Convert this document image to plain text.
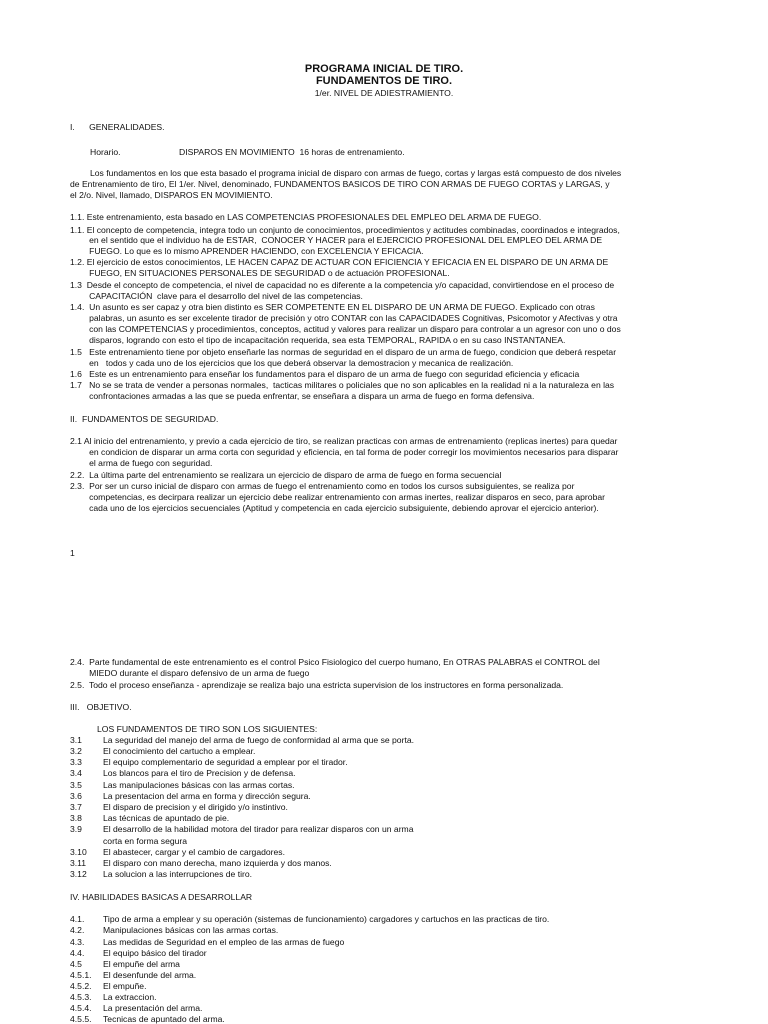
PROGRAMA INICIAL DE TIRO.
FUNDAMENTOS DE TIRO.
1/er. NIVEL DE ADIESTRAMIENTO.
I.      GENERALIDADES.
Horario.	DISPAROS EN MOVIMIENTO  16 horas de entrenamiento.
Los fundamentos en los que esta basado el programa inicial de disparo con armas de fuego, cortas y largas está compuesto de dos niveles
de Entrenamiento de tiro, El 1/er. Nivel, denominado, FUNDAMENTOS BASICOS DE TIRO CON ARMAS DE FUEGO CORTAS y LARGAS, y
el 2/o. Nivel, llamado, DISPAROS EN MOVIMIENTO.
1.1. Este entrenamiento, esta basado en LAS COMPETENCIAS PROFESIONALES DEL EMPLEO DEL ARMA DE FUEGO.
1.1. El concepto de competencia, integra todo un conjunto de conocimientos, procedimientos y actitudes combinadas, coordinados e integrados,
en el sentido que el individuo ha de ESTAR,  CONOCER Y HACER para el EJERCICIO PROFESIONAL DEL EMPLEO DEL ARMA DE
FUEGO. Lo que es lo mismo APRENDER HACIENDO, con EXCELENCIA Y EFICACIA.
1.2. El ejercicio de estos conocimientos, LE HACEN CAPAZ DE ACTUAR CON EFICIENCIA Y EFICACIA EN EL DISPARO DE UN ARMA DE
FUEGO, EN SITUACIONES PERSONALES DE SEGURIDAD o de actuación PROFESIONAL.
1.3  Desde el concepto de competencia, el nivel de capacidad no es diferente a la competencia y/o capacidad, convirtiendose en el proceso de
CAPACITACIÓN  clave para el desarrollo del nivel de las competencias.
1.4.  Un asunto es ser capaz y otra bien distinto es SER COMPETENTE EN EL DISPARO DE UN ARMA DE FUEGO. Explicado con otras
palabras, un asunto es ser excelente tirador de precisión y otro CONTAR con las CAPACIDADES Cognitivas, Psicomotor y Afectivas y otra
con las COMPETENCIAS y procedimientos, conceptos, actitud y valores para realizar un disparo para controlar a un agresor con uno o dos
disparos, logrando con esto el tipo de incapacitación requerida, sea esta TEMPORAL, RAPIDA o en su caso INSTANTANEA.
1.5   Este entrenamiento tiene por objeto enseñarle las normas de seguridad en el disparo de un arma de fuego, condicion que deberá respetar
en   todos y cada uno de los ejercicios que los que deberá observar la demostracion y mecanica de realización.
1.6   Este es un entrenamiento para enseñar los fundamentos para el disparo de un arma de fuego con seguridad eficiencia y eficacia
1.7   No se se trata de vender a personas normales,  tacticas militares o policiales que no son aplicables en la realidad ni a la naturaleza en las
confrontaciones armadas a las que se pueda enfrentar, se enseñara a dispara un arma de fuego en forma defensiva.
II.  FUNDAMENTOS DE SEGURIDAD.
2.1 Al inicio del entrenamiento, y previo a cada ejercicio de tiro, se realizan practicas con armas de entrenamiento (replicas inertes) para quedar
en condicion de disparar un arma corta con seguridad y eficiencia, en tal forma de poder corregir los movimientos necesarios para disparar
el arma de fuego con seguridad.
2.2.  La última parte del entrenamiento se realizara un ejercicio de disparo de arma de fuego en forma secuencial
2.3.  Por ser un curso inicial de disparo con armas de fuego el entrenamiento como en todos los cursos subsiguientes, se realiza por
competencias, es decirpara realizar un ejercicio debe realizar entrenamiento con armas inertes, realizar disparos en seco, para aprobar
cada uno de los ejercicios secuenciales (Aptitud y competencia en cada ejercicio subsiguiente, debiendo aprovar el ejercicio anterior).
1
2.4.  Parte fundamental de este entrenamiento es el control Psico Fisiologico del cuerpo humano, En OTRAS PALABRAS el CONTROL del
MIEDO durante el disparo defensivo de un arma de fuego
2.5.  Todo el proceso enseñanza - aprendizaje se realiza bajo una estricta supervision de los instructores en forma personalizada.
III.   OBJETIVO.
LOS FUNDAMENTOS DE TIRO SON LOS SIGUIENTES:
3.1 La seguridad del manejo del arma de fuego de conformidad al arma que se porta.
3.2 El conocimiento del cartucho a emplear.
3.3 El equipo complementario de seguridad a emplear por el tirador.
3.4 Los blancos para el tiro de Precision y de defensa.
3.5 Las manipulaciones básicas con las armas cortas.
3.6 La presentacion del arma en forma y dirección segura.
3.7 El disparo de precision y el dirigido y/o instintivo.
3.8 Las técnicas de apuntado de pie.
3.9 El desarrollo de la habilidad motora del tirador para realizar disparos con un arma
corta en forma segura
3.10 El abastecer, cargar y el cambio de cargadores.
3.11 El disparo con mano derecha, mano izquierda y dos manos.
3.12 La solucion a las interrupciones de tiro.
IV. HABILIDADES BASICAS A DESARROLLAR
4.1. Tipo de arma a emplear y su operación (sistemas de funcionamiento) cargadores y cartuchos en las practicas de tiro.
4.2. Manipulaciones básicas con las armas cortas.
4.3. Las medidas de Seguridad en el empleo de las armas de fuego
4.4. El equipo básico del tirador
4.5 El empuñe del arma
4.5.1. El desenfunde del arma.
4.5.2. El empuñe.
4.5.3. La extraccion.
4.5.4. La presentación del arma.
4.5.5. Tecnicas de apuntado del arma.
